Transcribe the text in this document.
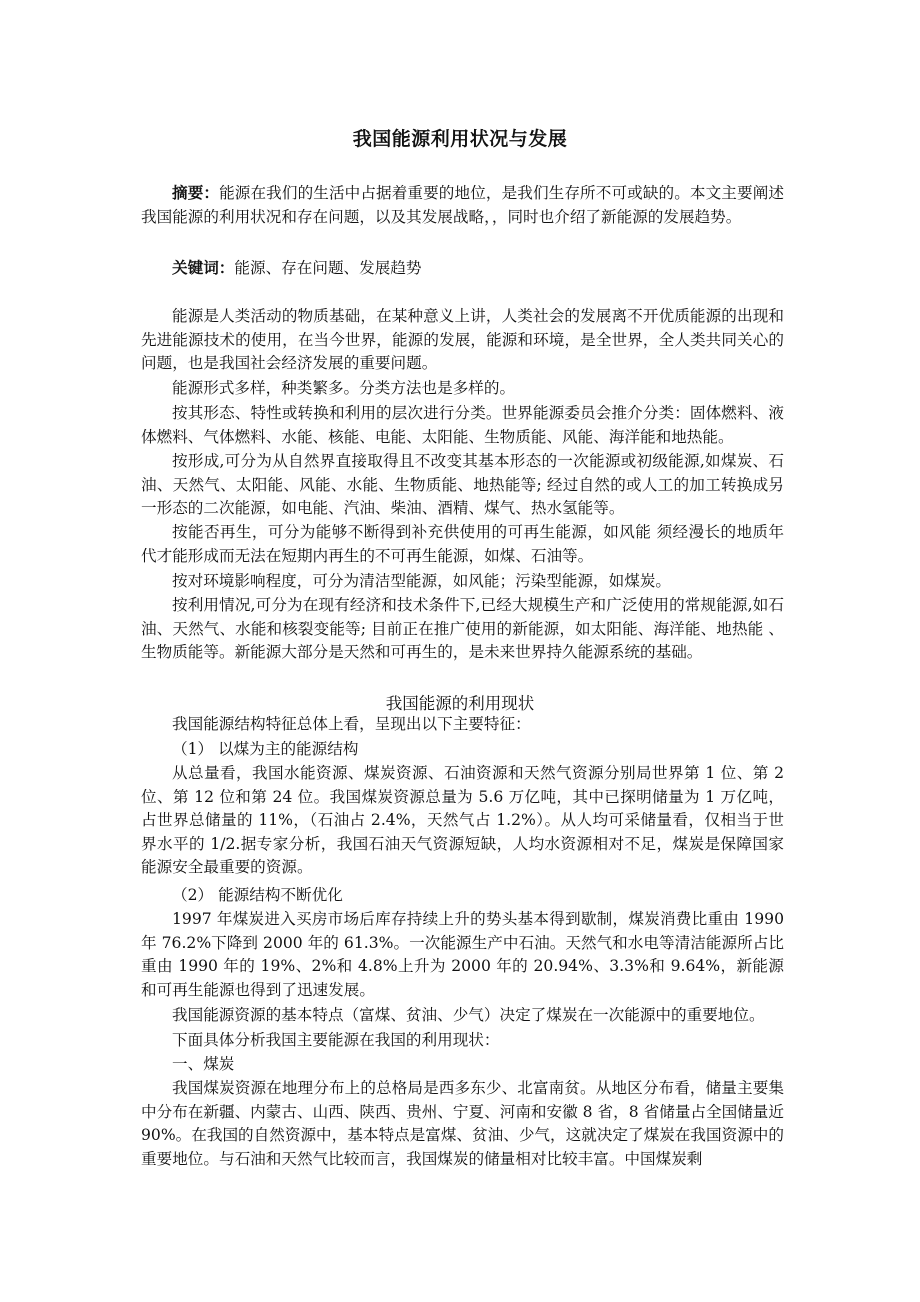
我国能源利用状况与发展
摘要：能源在我们的生活中占据着重要的地位，是我们生存所不可或缺的。本文主要阐述我国能源的利用状况和存在问题，以及其发展战略，，同时也介绍了新能源的发展趋势。
关键词：能源、存在问题、发展趋势
能源是人类活动的物质基础，在某种意义上讲，人类社会的发展离不开优质能源的出现和先进能源技术的使用，在当今世界，能源的发展，能源和环境，是全世界，全人类共同关心的问题，也是我国社会经济发展的重要问题。
能源形式多样，种类繁多。分类方法也是多样的。
按其形态、特性或转换和利用的层次进行分类。世界能源委员会推介分类：固体燃料、液体燃料、气体燃料、水能、核能、电能、太阳能、生物质能、风能、海洋能和地热能。
按形成,可分为从自然界直接取得且不改变其基本形态的一次能源或初级能源,如煤炭、石油、天然气、太阳能、风能、水能、生物质能、地热能等; 经过自然的或人工的加工转换成另一形态的二次能源，如电能、汽油、柴油、酒精、煤气、热水氢能等。
按能否再生，可分为能够不断得到补充供使用的可再生能源，如风能 须经漫长的地质年代才能形成而无法在短期内再生的不可再生能源，如煤、石油等。
按对环境影响程度，可分为清洁型能源，如风能；污染型能源，如煤炭。
按利用情况,可分为在现有经济和技术条件下,已经大规模生产和广泛使用的常规能源,如石油、天然气、水能和核裂变能等; 目前正在推广使用的新能源，如太阳能、海洋能、地热能 、生物质能等。新能源大部分是天然和可再生的，是未来世界持久能源系统的基础。
我国能源的利用现状
我国能源结构特征总体上看，呈现出以下主要特征：
（1） 以煤为主的能源结构
从总量看，我国水能资源、煤炭资源、石油资源和天然气资源分别局世界第 1 位、第 2 位、第 12 位和第 24 位。我国煤炭资源总量为 5.6 万亿吨，其中已探明储量为 1 万亿吨，占世界总储量的 11%，（石油占 2.4%，天然气占 1.2%）。从人均可采储量看，仅相当于世界水平的 1/2.据专家分析，我国石油天气资源短缺，人均水资源相对不足，煤炭是保障国家能源安全最重要的资源。
（2） 能源结构不断优化
1997 年煤炭进入买房市场后库存持续上升的势头基本得到歇制，煤炭消费比重由 1990 年 76.2%下降到 2000 年的 61.3%。一次能源生产中石油。天然气和水电等清洁能源所占比重由 1990 年的 19%、2%和 4.8%上升为 2000 年的 20.94%、3.3%和 9.64%，新能源和可再生能源也得到了迅速发展。
我国能源资源的基本特点（富煤、贫油、少气）决定了煤炭在一次能源中的重要地位。
下面具体分析我国主要能源在我国的利用现状：
一、煤炭
我国煤炭资源在地理分布上的总格局是西多东少、北富南贫。从地区分布看，储量主要集中分布在新疆、内蒙古、山西、陕西、贵州、宁夏、河南和安徽 8 省，8 省储量占全国储量近 90%。在我国的自然资源中，基本特点是富煤、贫油、少气，这就决定了煤炭在我国资源中的重要地位。与石油和天然气比较而言，我国煤炭的储量相对比较丰富。中国煤炭剩
